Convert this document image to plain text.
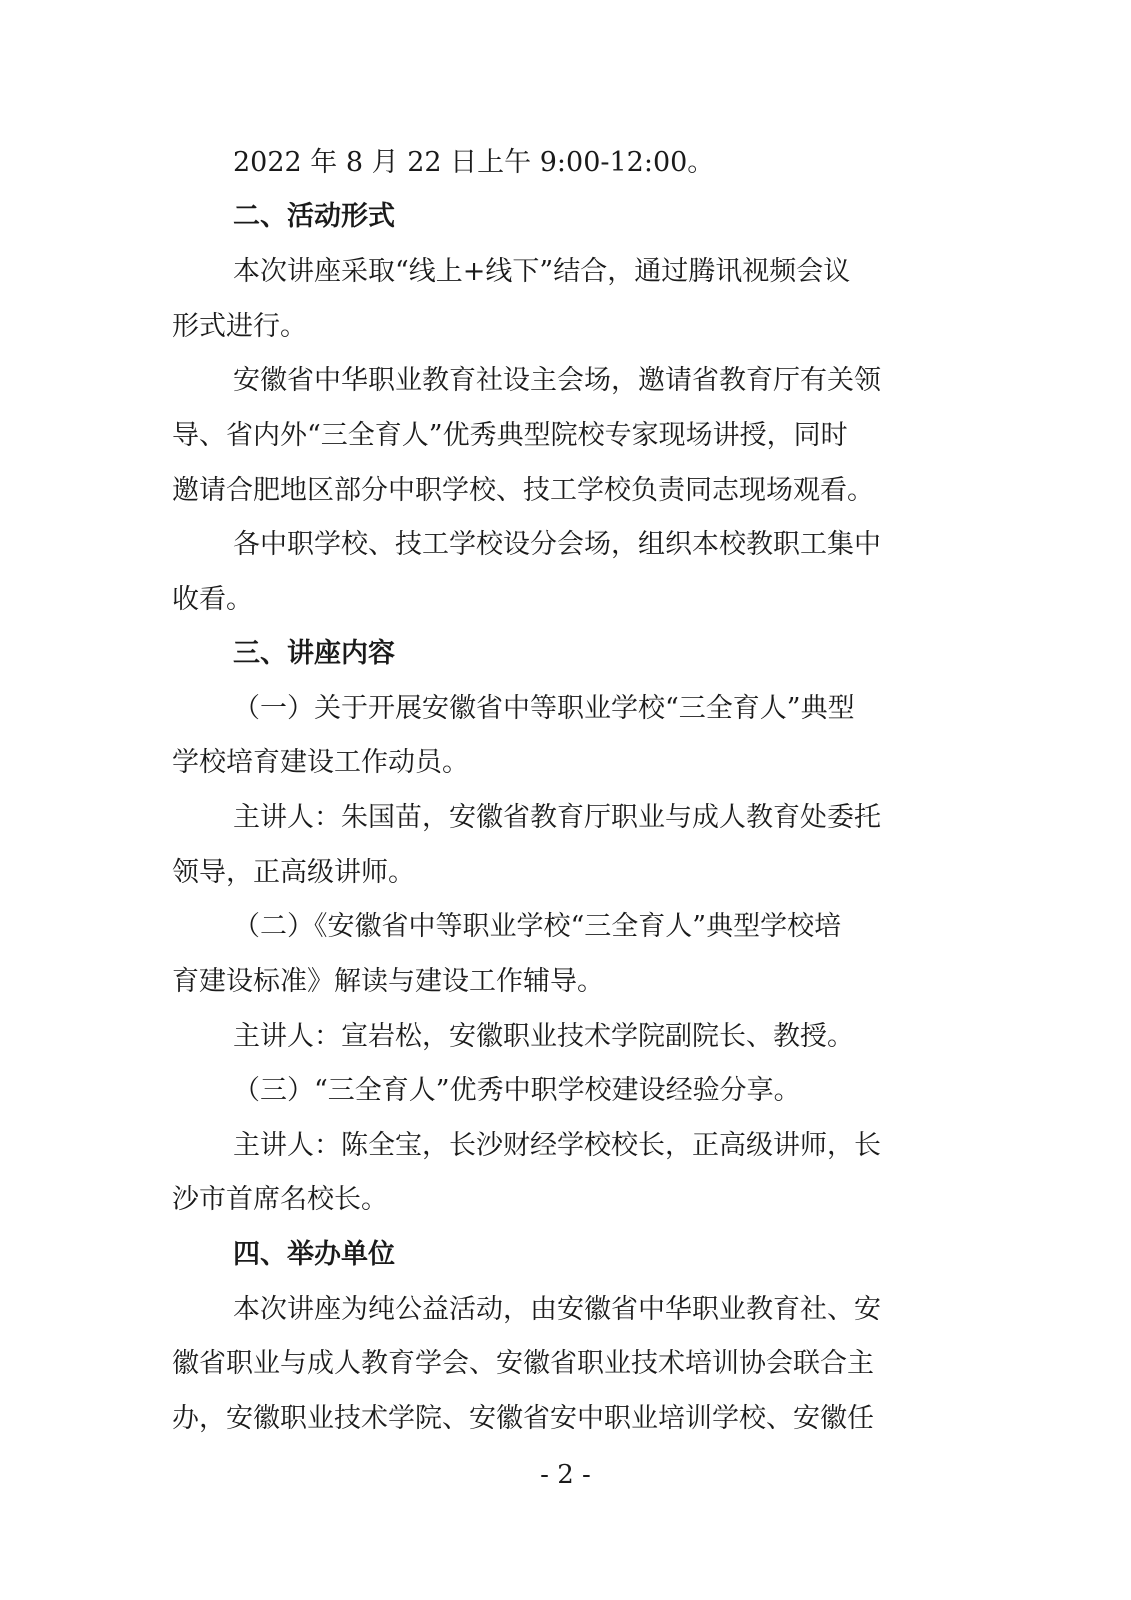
2022 年 8 月 22 日上午 9:00-12:00。

二、活动形式

本次讲座采取“线上+线下”结合，通过腾讯视频会议

形式进行。

安徽省中华职业教育社设主会场，邀请省教育厅有关领

导、省内外“三全育人”优秀典型院校专家现场讲授，同时

邀请合肥地区部分中职学校、技工学校负责同志现场观看。

各中职学校、技工学校设分会场，组织本校教职工集中

收看。

三、讲座内容

（一）关于开展安徽省中等职业学校“三全育人”典型

学校培育建设工作动员。

主讲人：朱国苗，安徽省教育厅职业与成人教育处委托

领导，正高级讲师。

（二）《安徽省中等职业学校“三全育人”典型学校培

育建设标准》解读与建设工作辅导。

主讲人：宣岩松，安徽职业技术学院副院长、教授。

（三）“三全育人”优秀中职学校建设经验分享。

主讲人：陈全宝，长沙财经学校校长，正高级讲师，长

沙市首席名校长。

四、举办单位

本次讲座为纯公益活动，由安徽省中华职业教育社、安

徽省职业与成人教育学会、安徽省职业技术培训协会联合主

办，安徽职业技术学院、安徽省安中职业培训学校、安徽任

- 2 -
